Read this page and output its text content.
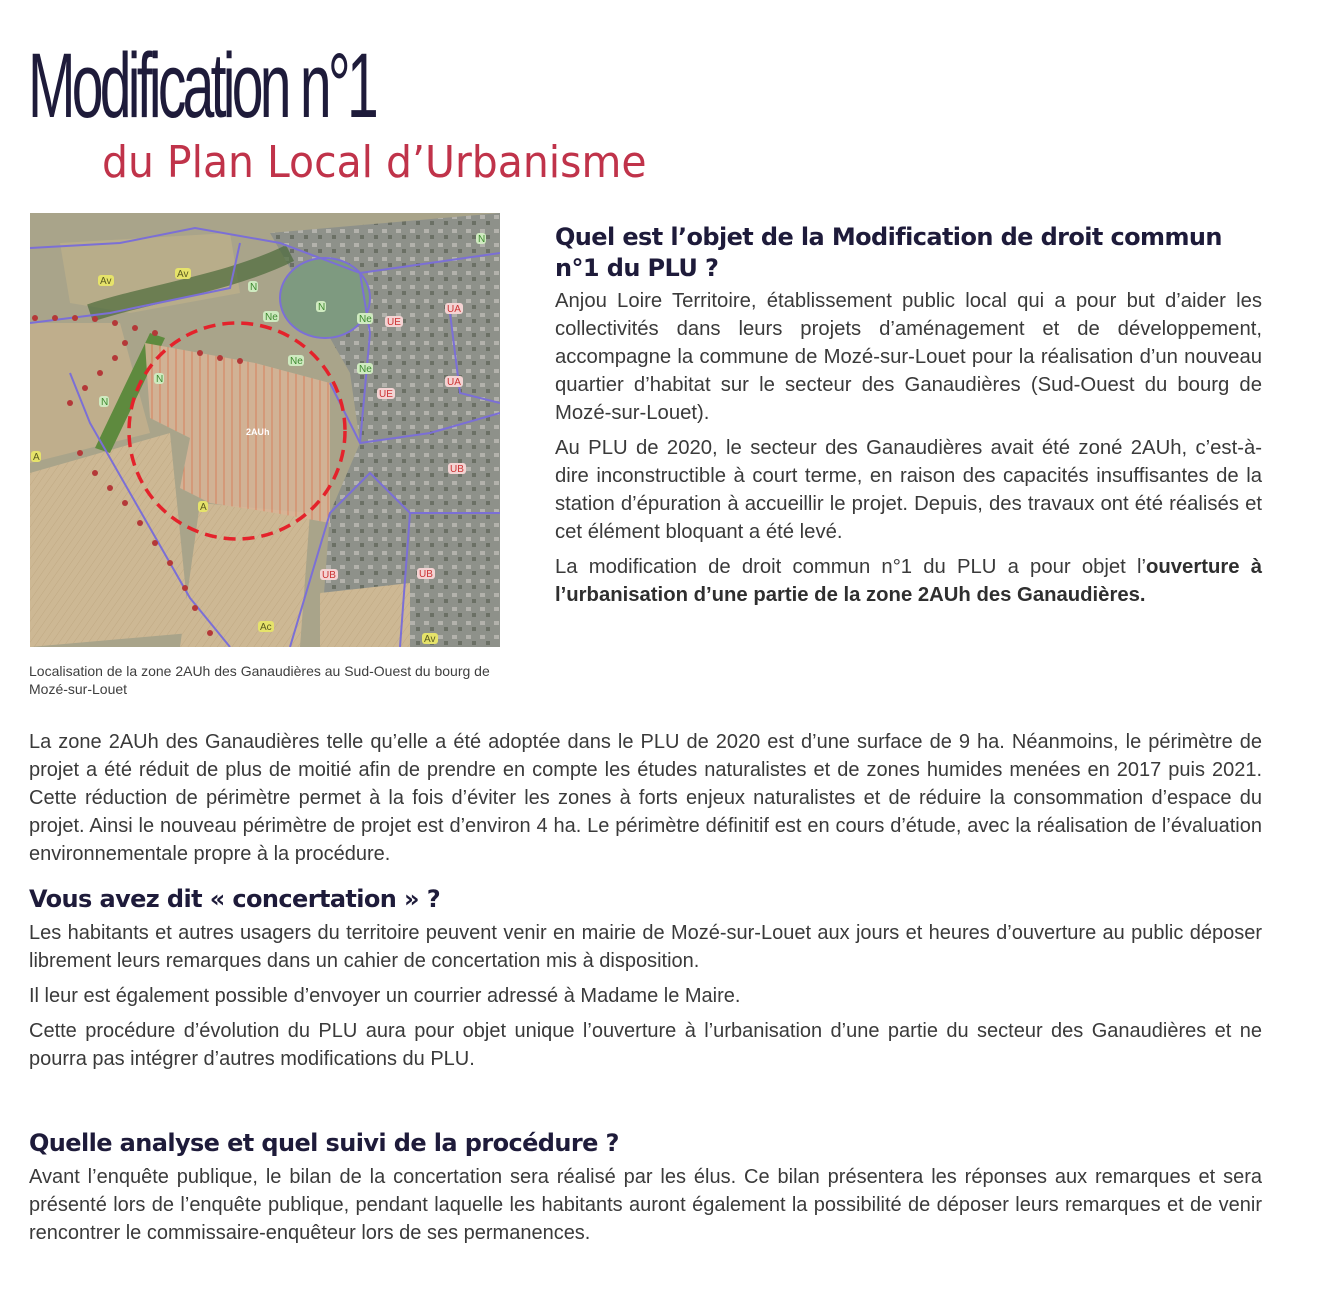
Modification n°1
du Plan Local d’Urbanisme
Av
Av
N
N
Ne
Ne
Ne
Ne
UE
UE
UA
UA
UB
UB	UB
N
N
N
A
A
Ac
Av
2AUh
Localisation de la zone 2AUh des Ganaudières au Sud-Ouest du bourg de Mozé-sur-Louet
Quel est l’objet de la Modification de droit commun n°1 du PLU ?

Anjou Loire Territoire, établissement public local qui a pour but d’aider les collectivités dans leurs projets d’aménagement et de développement, accompagne la commune de Mozé-sur-Louet pour la réalisation d’un nouveau quartier d’habitat sur le secteur des Ganaudières (Sud-Ouest du bourg de Mozé-sur-Louet).

Au PLU de 2020, le secteur des Ganaudières avait été zoné 2AUh, c’est-à-dire inconstructible à court terme, en raison des capacités insuffisantes de la station d’épuration à accueillir le projet. Depuis, des travaux ont été réalisés et cet élément bloquant a été levé.

La modification de droit commun n°1 du PLU a pour objet l’ouverture à l’urbanisation d’une partie de la zone 2AUh des Ganaudières.

La zone 2AUh des Ganaudières telle qu’elle a été adoptée dans le PLU de 2020 est d’une surface de 9 ha. Néanmoins, le périmètre de projet a été réduit de plus de moitié afin de prendre en compte les études naturalistes et de zones humides menées en 2017 puis 2021. Cette réduction de périmètre permet à la fois d’éviter les zones à forts enjeux naturalistes et de réduire la consommation d’espace du projet. Ainsi le nouveau périmètre de projet est d’environ 4 ha. Le périmètre définitif est en cours d’étude, avec la réalisation de l’évaluation environnementale propre à la procédure.

Vous avez dit « concertation » ?

Les habitants et autres usagers du territoire peuvent venir en mairie de Mozé-sur-Louet aux jours et heures d’ouverture au public déposer librement leurs remarques dans un cahier de concertation mis à disposition.

Il leur est également possible d’envoyer un courrier adressé à Madame le Maire.

Cette procédure d’évolution du PLU aura pour objet unique l’ouverture à l’urbanisation d’une partie du secteur des Ganaudières et ne pourra pas intégrer d’autres modifications du PLU.

Quelle analyse et quel suivi de la procédure ?

Avant l’enquête publique, le bilan de la concertation sera réalisé par les élus. Ce bilan présentera les réponses aux remarques et sera présenté lors de l’enquête publique, pendant laquelle les habitants auront également la possibilité de déposer leurs remarques et de venir rencontrer le commissaire-enquêteur lors de ses permanences.
